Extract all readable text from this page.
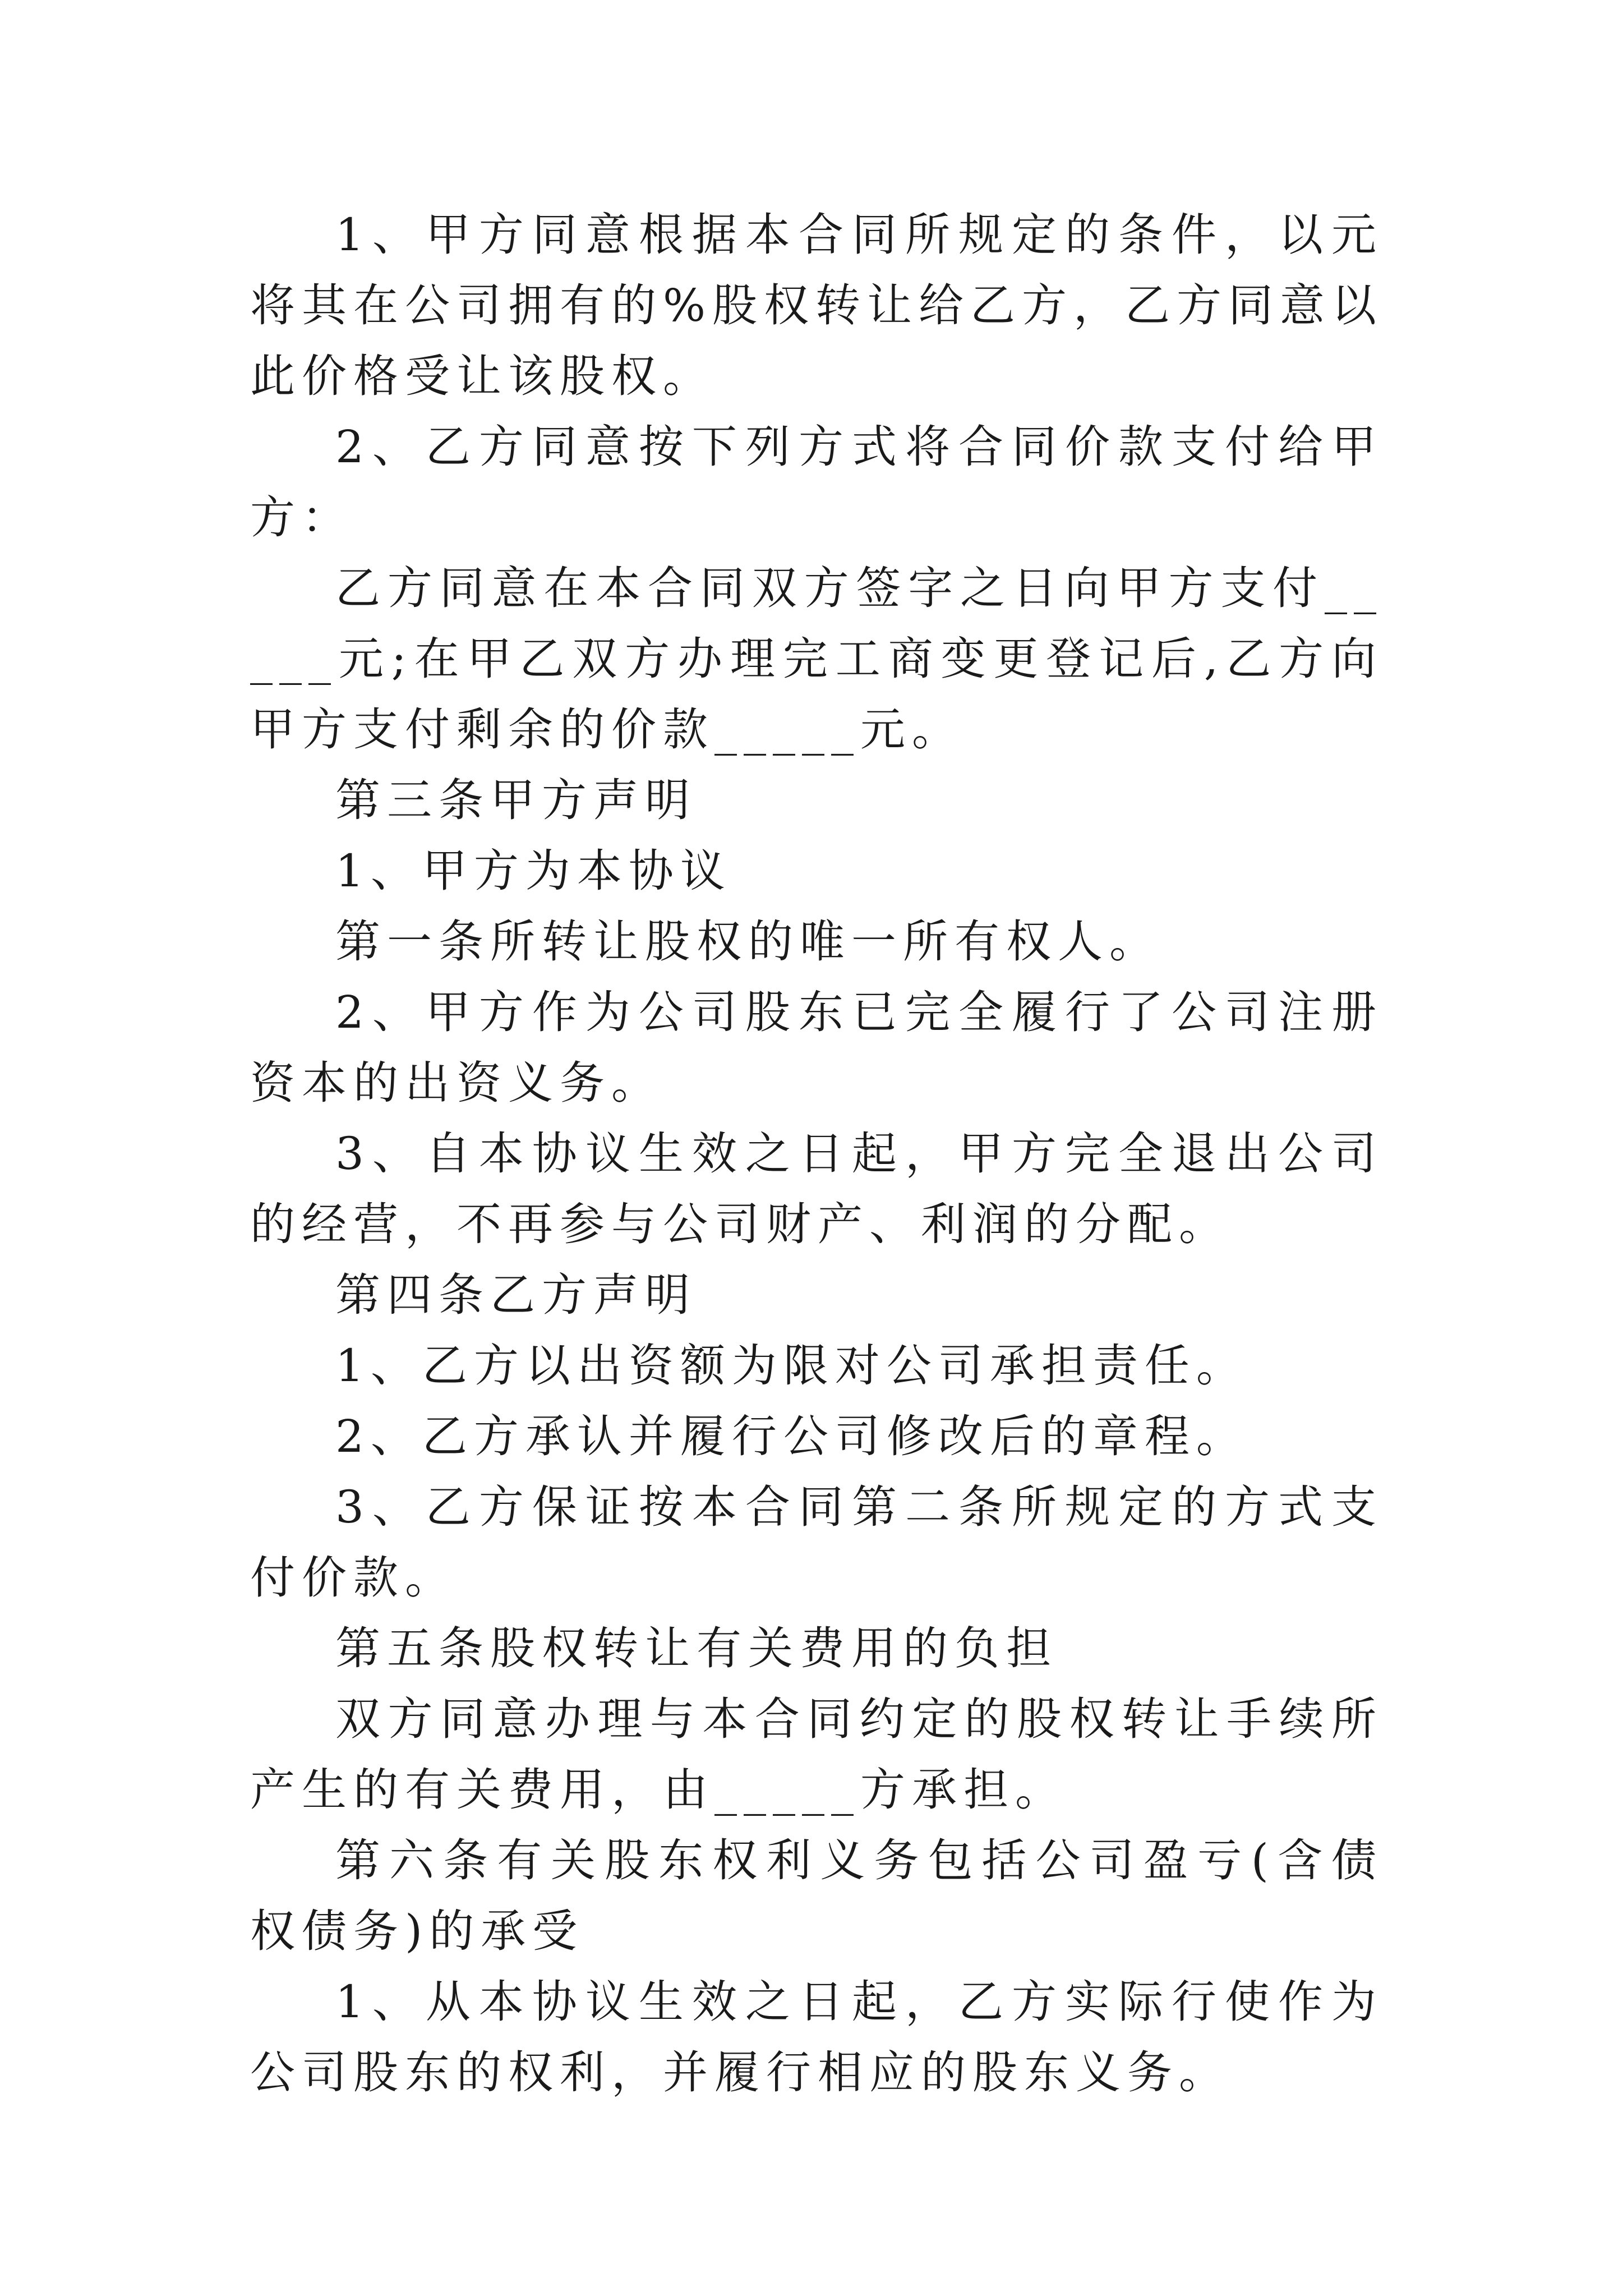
1、甲方同意根据本合同所规定的条件，以元将其在公司拥有的%股权转让给乙方，乙方同意以此价格受让该股权。

2、乙方同意按下列方式将合同价款支付给甲方：

乙方同意在本合同双方签字之日向甲方支付_____元;在甲乙双方办理完工商变更登记后,乙方向甲方支付剩余的价款_____元。

第三条甲方声明

1、甲方为本协议

第一条所转让股权的唯一所有权人。

2、甲方作为公司股东已完全履行了公司注册资本的出资义务。

3、自本协议生效之日起，甲方完全退出公司的经营，不再参与公司财产、利润的分配。

第四条乙方声明

1、乙方以出资额为限对公司承担责任。

2、乙方承认并履行公司修改后的章程。

3、乙方保证按本合同第二条所规定的方式支付价款。

第五条股权转让有关费用的负担

双方同意办理与本合同约定的股权转让手续所产生的有关费用，由_____方承担。

第六条有关股东权利义务包括公司盈亏(含债权债务)的承受

1、从本协议生效之日起，乙方实际行使作为公司股东的权利，并履行相应的股东义务。
